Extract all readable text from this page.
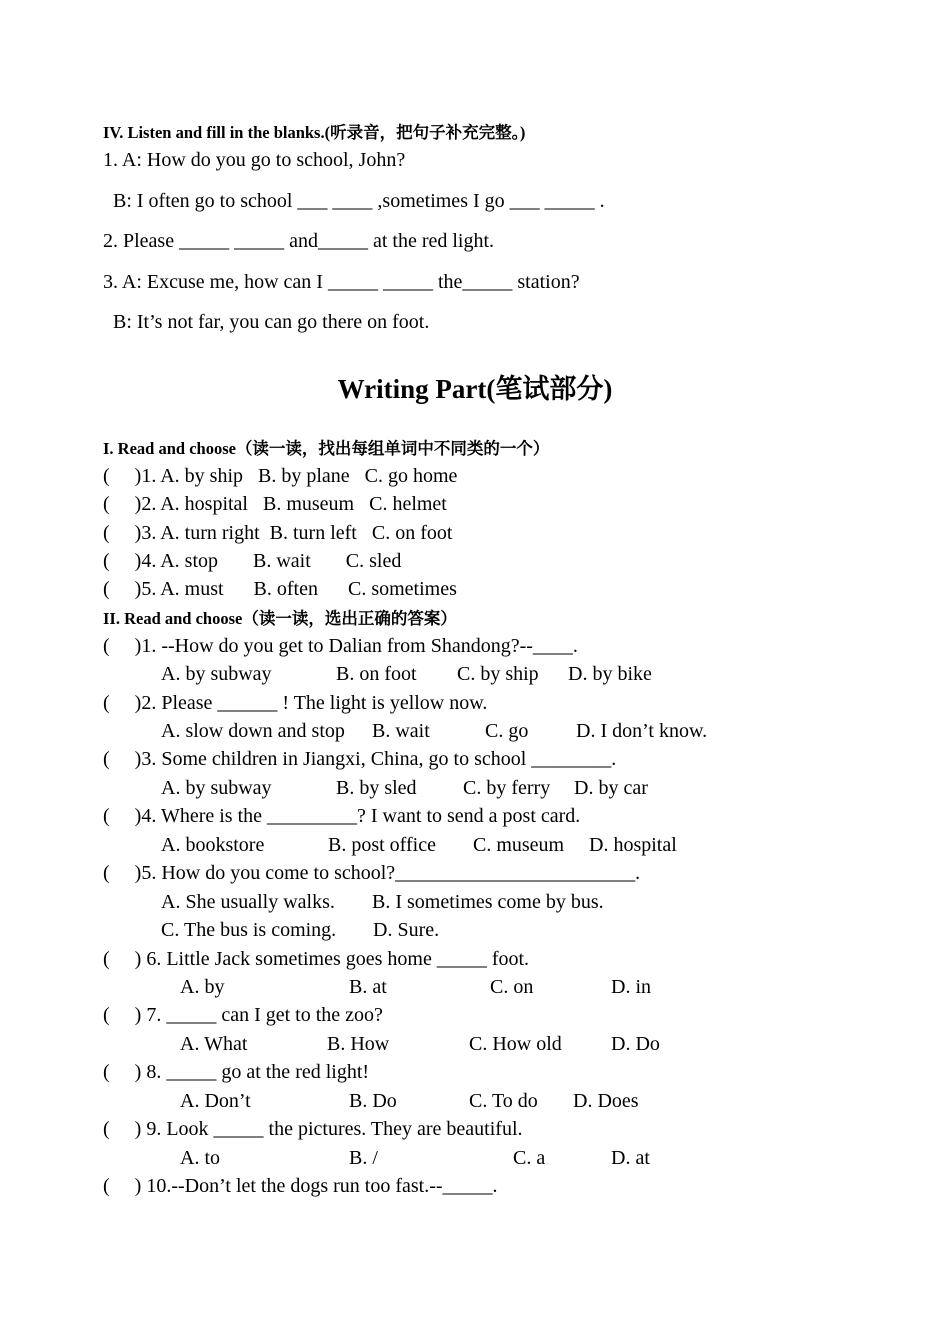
IV. Listen and fill in the blanks.(听录音，把句子补充完整。)
1. A: How do you go to school, John?
B: I often go to school ___ ____ ,sometimes I go ___ _____ .
2. Please _____ _____ and_____ at the red light.
3. A: Excuse me, how can I _____ _____ the_____ station?
B: It’s not far, you can go there on foot.
Writing Part(笔试部分)
I. Read and choose（读一读，找出每组单词中不同类的一个）
(     )1. A. by ship   B. by plane   C. go home
(     )2. A. hospital   B. museum   C. helmet
(     )3. A. turn right  B. turn left   C. on foot
(     )4. A. stop       B. wait       C. sled
(     )5. A. must      B. often      C. sometimes
II. Read and choose（读一读，选出正确的答案）
(     )1. --How do you get to Dalian from Shandong?--____.
A. by subway	B. on foot C. by ship D. by bike
(     )2. Please ______ ! The light is yellow now.
A. slow down and stop B. wait	C. go D. I don’t know.
(     )3. Some children in Jiangxi, China, go to school ________.
A. by subway	B. by sled C. by ferry D. by car
(     )4. Where is the _________? I want to send a post card.
A. bookstore	B. post office C. museum D. hospital
(     )5. How do you come to school?________________________.
A. She usually walks. B. I sometimes come by bus.
C. The bus is coming. D. Sure.
(     ) 6. Little Jack sometimes goes home _____ foot.
A. by	B. at	C. on	D. in
(     ) 7. _____ can I get to the zoo?
A. What	B. How	C. How old D. Do
(     ) 8. _____ go at the red light!
A. Don’t	B. Do	C. To do D. Does
(     ) 9. Look _____ the pictures. They are beautiful.
A. to	B. /	C. a	D. at
(     ) 10.--Don’t let the dogs run too fast.--_____.
